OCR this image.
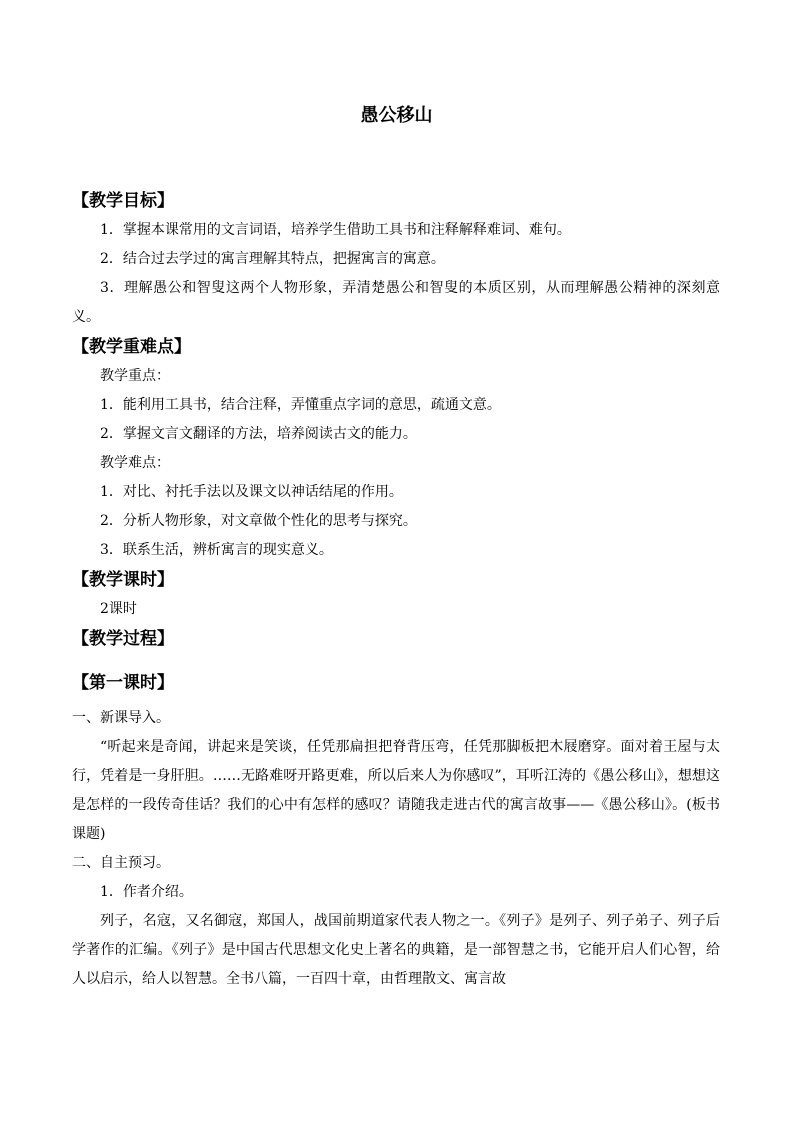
愚公移山
【教学目标】

1．掌握本课常用的文言词语，培养学生借助工具书和注释解释难词、难句。

2．结合过去学过的寓言理解其特点，把握寓言的寓意。

3．理解愚公和智叟这两个人物形象，弄清楚愚公和智叟的本质区别，从而理解愚公精神的深刻意义。

【教学重难点】

教学重点：

1．能利用工具书，结合注释，弄懂重点字词的意思，疏通文意。

2．掌握文言文翻译的方法，培养阅读古文的能力。

教学难点：

1．对比、衬托手法以及课文以神话结尾的作用。

2．分析人物形象，对文章做个性化的思考与探究。

3．联系生活，辨析寓言的现实意义。

【教学课时】

2课时

【教学过程】
【第一课时】

一、新课导入。

“听起来是奇闻，讲起来是笑谈，任凭那扁担把脊背压弯，任凭那脚板把木屐磨穿。面对着王屋与太行，凭着是一身肝胆。……无路难呀开路更难，所以后来人为你感叹”，耳听江涛的《愚公移山》，想想这是怎样的一段传奇佳话？我们的心中有怎样的感叹？请随我走进古代的寓言故事——《愚公移山》。(板书课题)

二、自主预习。

1．作者介绍。

列子，名寇，又名御寇，郑国人，战国前期道家代表人物之一。《列子》是列子、列子弟子、列子后学著作的汇编。《列子》是中国古代思想文化史上著名的典籍，是一部智慧之书，它能开启人们心智，给人以启示，给人以智慧。全书八篇，一百四十章，由哲理散文、寓言故
